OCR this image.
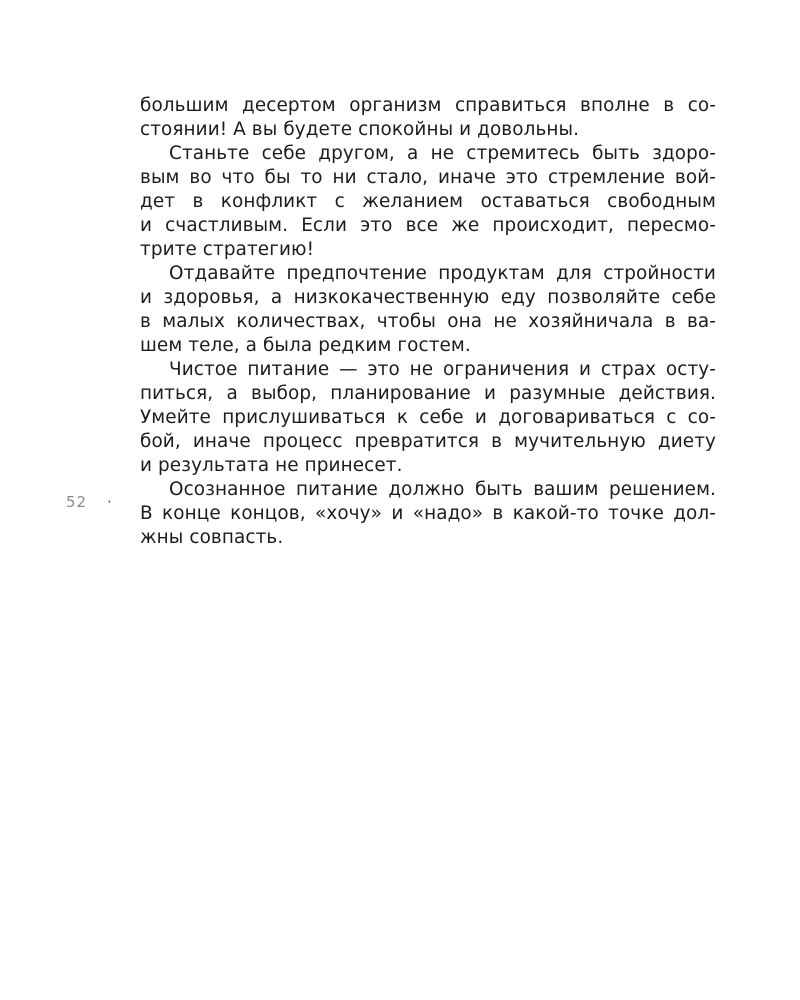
большим десертом организм справиться вполне в со-
стоянии! А вы будете спокойны и довольны.
Станьте себе другом, а не стремитесь быть здоро-
вым во что бы то ни стало, иначе это стремление вой-
дет в конфликт с желанием оставаться свободным
и счастливым. Если это все же происходит, пересмо-
трите стратегию!
Отдавайте предпочтение продуктам для стройности
и здоровья, а низкокачественную еду позволяйте себе
в малых количествах, чтобы она не хозяйничала в ва-
шем теле, а была редким гостем.
Чистое питание — это не ограничения и страх осту-
питься, а выбор, планирование и разумные действия.
Умейте прислушиваться к себе и договариваться с со-
бой, иначе процесс превратится в мучительную диету
и результата не принесет.
Осознанное питание должно быть вашим решением.
В конце концов, «хочу» и «надо» в какой-то точке дол-
жны совпасть.
52 ·
